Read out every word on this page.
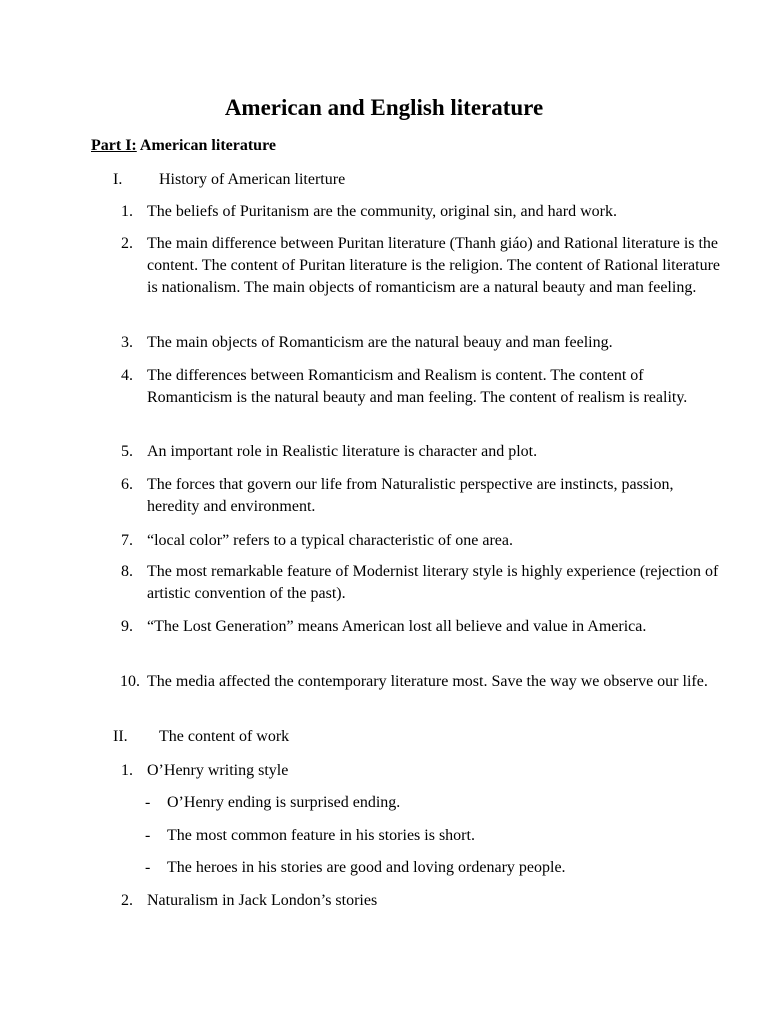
American and English literature
Part I: American literature
I. History of American literture
1. The beliefs of Puritanism are the community, original sin, and hard work.
2. The main difference between Puritan literature (Thanh giáo) and Rational literature is the content. The content of Puritan literature is the religion. The content of Rational literature is nationalism. The main objects of romanticism are a natural beauty and man feeling.
3. The main objects of Romanticism are the natural beauy and man feeling.
4. The differences between Romanticism and Realism is content. The content of Romanticism is the natural beauty and man feeling. The content of realism is reality.
5. An important role in Realistic literature is character and plot.
6. The forces that govern our life from Naturalistic perspective are instincts, passion, heredity and environment.
7. “local color” refers to a typical characteristic of one area.
8. The most remarkable feature of Modernist literary style is highly experience (rejection of artistic convention of the past).
9. “The Lost Generation” means American lost all believe and value in America.
10. The media affected the contemporary literature most. Save the way we observe our life.
II. The content of work
1. O’Henry writing style
- O’Henry ending is surprised ending.
- The most common feature in his stories is short.
- The heroes in his stories are good and loving ordenary people.
2. Naturalism in Jack London’s stories
